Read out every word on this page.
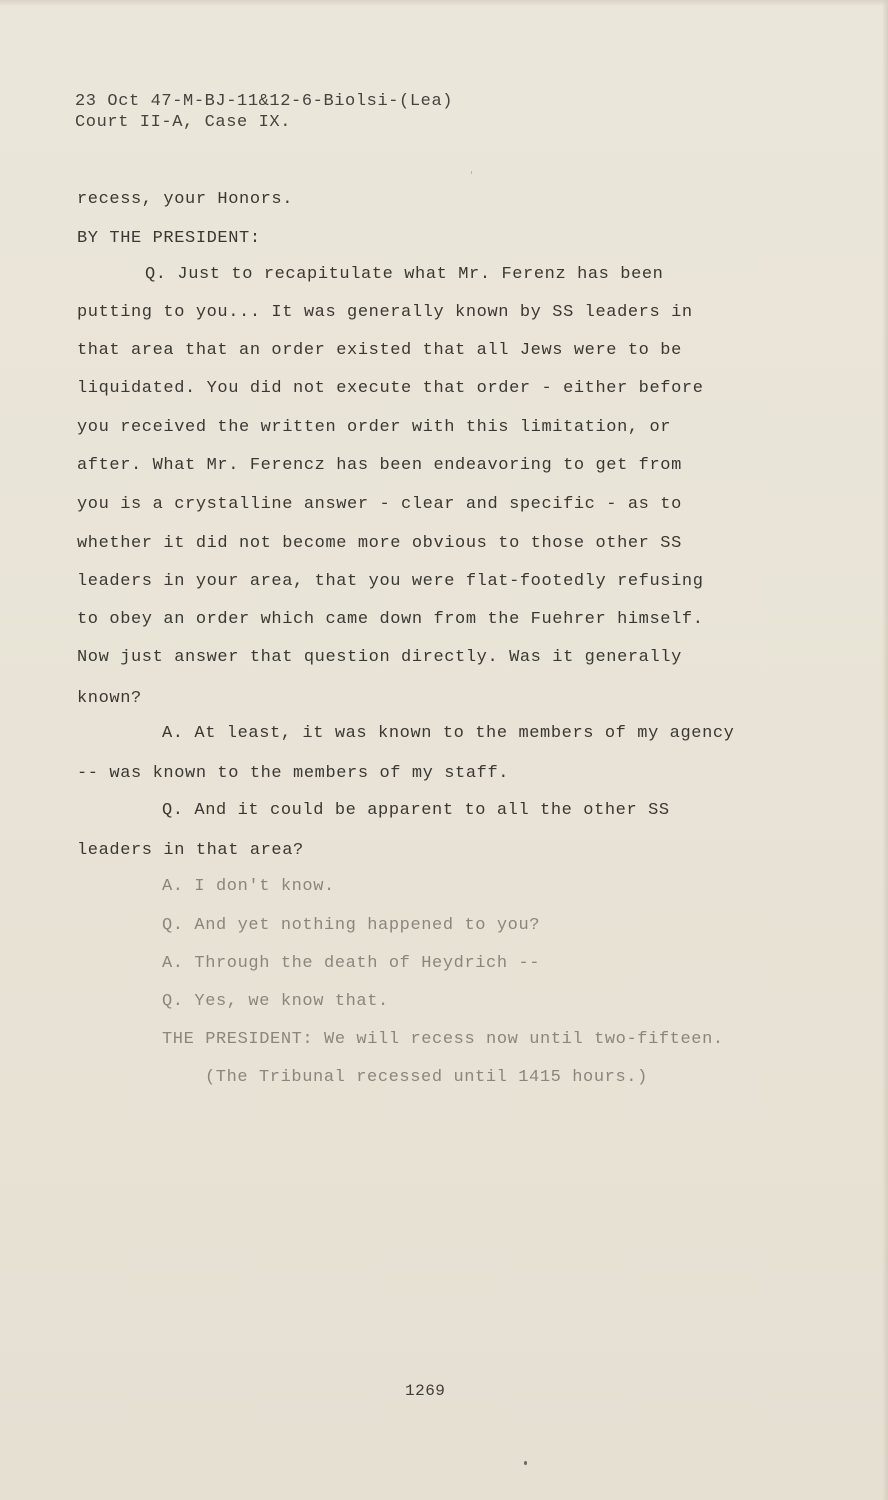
23 Oct 47-M-BJ-11&12-6-Biolsi-(Lea)
Court II-A, Case IX.
recess, your Honors.
BY THE PRESIDENT:
Q. Just to recapitulate what Mr. Ferenz has been
putting to you... It was generally known by SS leaders in
that area that an order existed that all Jews were to be
liquidated. You did not execute that order - either before
you received the written order with this limitation, or
after. What Mr. Ferencz has been endeavoring to get from
you is a crystalline answer - clear and specific - as to
whether it did not become more obvious to those other SS
leaders in your area, that you were flat-footedly refusing
to obey an order which came down from the Fuehrer himself.
Now just answer that question directly. Was it generally
known?
A. At least, it was known to the members of my agency
-- was known to the members of my staff.
Q. And it could be apparent to all the other SS
leaders in that area?
A. I don't know.
Q. And yet nothing happened to you?
A. Through the death of Heydrich --
Q. Yes, we know that.
THE PRESIDENT: We will recess now until two-fifteen.
(The Tribunal recessed until 1415 hours.)
1269
